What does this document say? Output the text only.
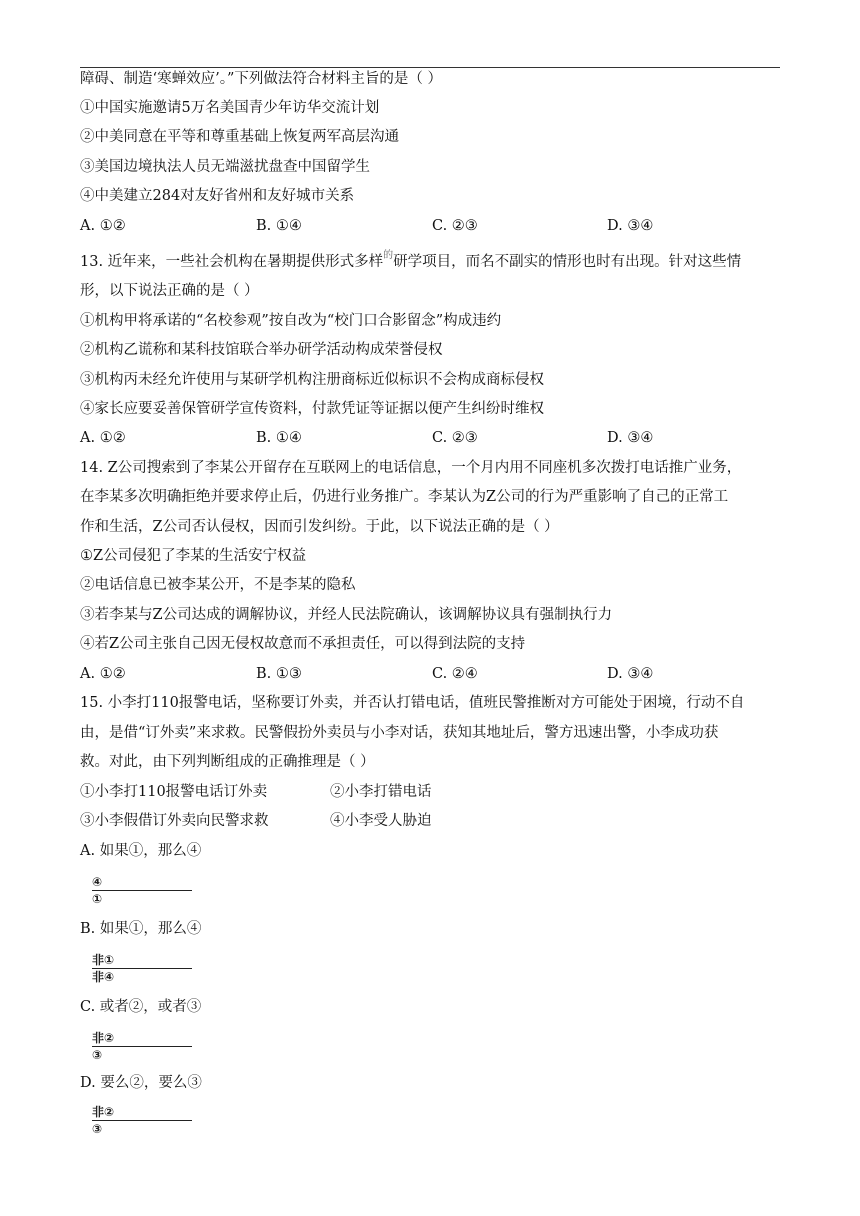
障碍、制造‘寒蝉效应’。”下列做法符合材料主旨的是（ ）
①中国实施邀请5万名美国青少年访华交流计划
②中美同意在平等和尊重基础上恢复两军高层沟通
③美国边境执法人员无端滋扰盘查中国留学生
④中美建立284对友好省州和友好城市关系
A. ①②	B. ①④	C. ②③	D. ③④
13. 近年来，一些社会机构在暑期提供形式多样$^的$研学项目，而名不副实的情形也时有出现。针对这些情
形，以下说法正确的是（ ）
①机构甲将承诺的“名校参观”按自改为“校门口合影留念”构成违约
②机构乙谎称和某科技馆联合举办研学活动构成荣誉侵权
③机构丙未经允许使用与某研学机构注册商标近似标识不会构成商标侵权
④家长应要妥善保管研学宣传资料，付款凭证等证据以便产生纠纷时维权
A. ①②	B. ①④	C. ②③	D. ③④
14. Z公司搜索到了李某公开留存在互联网上的电话信息，一个月内用不同座机多次拨打电话推广业务，
在李某多次明确拒绝并要求停止后，仍进行业务推广。李某认为Z公司的行为严重影响了自己的正常工
作和生活，Z公司否认侵权，因而引发纠纷。于此，以下说法正确的是（ ）
①Z公司侵犯了李某的生活安宁权益
②电话信息已被李某公开，不是李某的隐私
③若李某与Z公司达成的调解协议，并经人民法院确认，该调解协议具有强制执行力
④若Z公司主张自己因无侵权故意而不承担责任，可以得到法院的支持
A. ①②	B. ①③	C. ②④	D. ③④
15. 小李打110报警电话，坚称要订外卖，并否认打错电话，值班民警推断对方可能处于困境，行动不自
由，是借“订外卖”来求救。民警假扮外卖员与小李对话，获知其地址后，警方迅速出警，小李成功获
救。对此，由下列判断组成的正确推理是（ ）
①小李打110报警电话订外卖	②小李打错电话
③小李假借订外卖向民警求救	④小李受人胁迫
A. 如果①，那么④
④
①
B. 如果①，那么④
非①
非④
C. 或者②，或者③
非②
③
D. 要么②，要么③
非②
③
